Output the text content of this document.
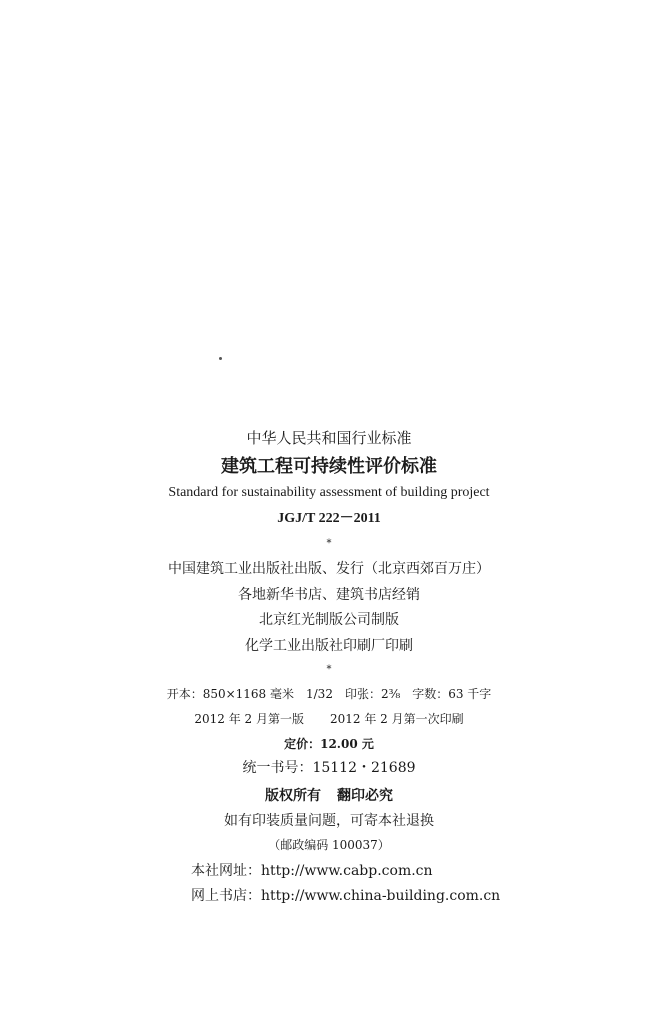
中华人民共和国行业标准
建筑工程可持续性评价标准
Standard for sustainability assessment of building project
JGJ/T 222－2011
*
中国建筑工业出版社出版、发行（北京西郊百万庄）
各地新华书店、建筑书店经销
北京红光制版公司制版
化学工业出版社印刷厂印刷
*
开本：850×1168 毫米　1/32　印张：2⅜　字数：63 千字
2012 年 2 月第一版 2012 年 2 月第一次印刷
定价：12.00 元
统一书号：15112・21689
版权所有 翻印必究
如有印装质量问题，可寄本社退换
（邮政编码 100037）
本社网址：http://www.cabp.com.cn
网上书店：http://www.china-building.com.cn
